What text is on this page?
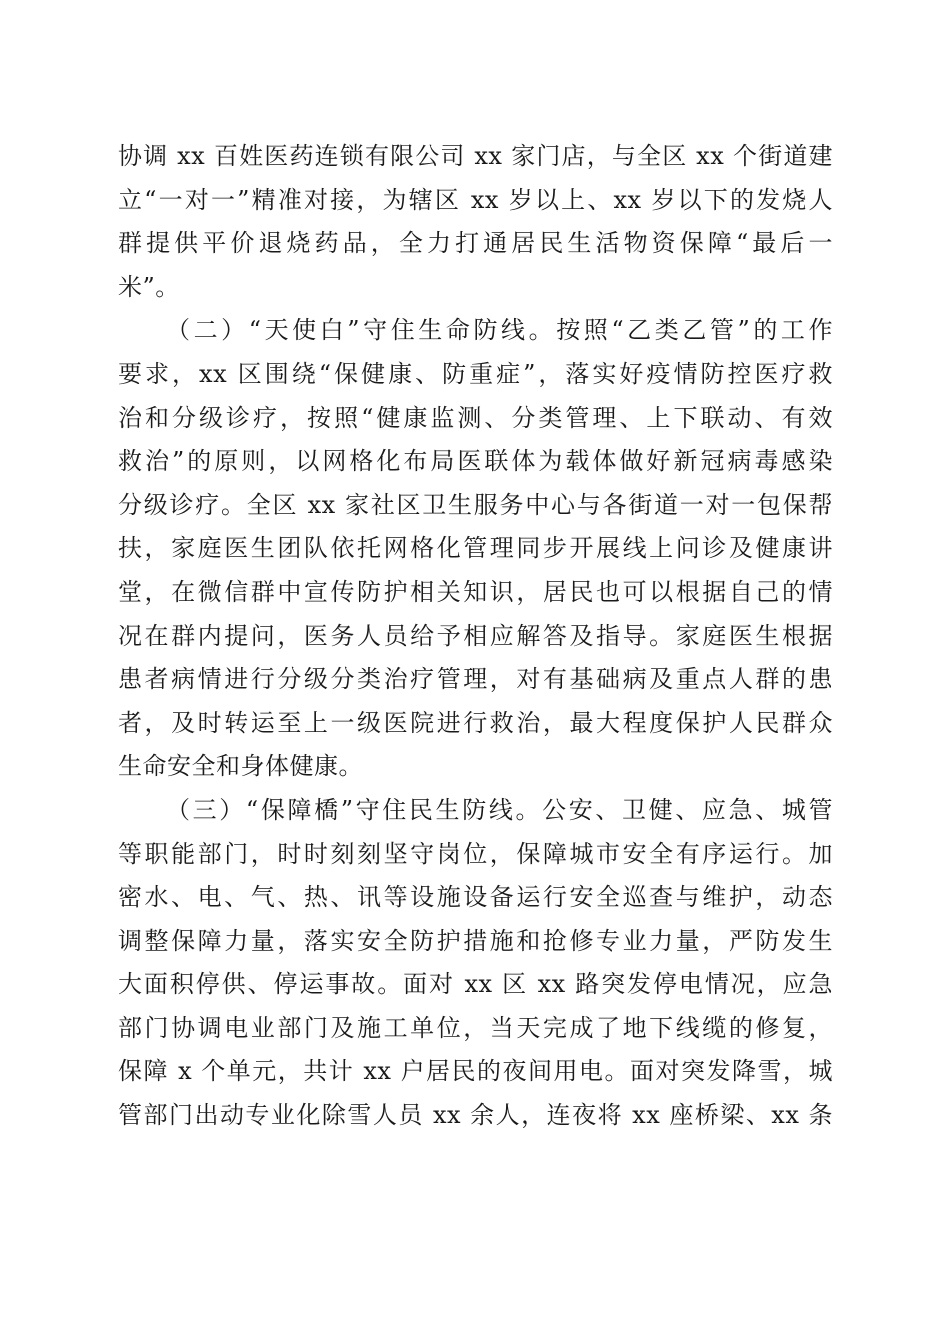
协调 xx 百姓医药连锁有限公司 xx 家门店，与全区 xx 个街道建
立“一对一”精准对接，为辖区 xx 岁以上、xx 岁以下的发烧人
群提供平价退烧药品，全力打通居民生活物资保障“最后一
米”。
（二）“天使白”守住生命防线。按照“乙类乙管”的工作
要求，xx 区围绕“保健康、防重症”，落实好疫情防控医疗救
治和分级诊疗，按照“健康监测、分类管理、上下联动、有效
救治”的原则，以网格化布局医联体为载体做好新冠病毒感染
分级诊疗。全区 xx 家社区卫生服务中心与各街道一对一包保帮
扶，家庭医生团队依托网格化管理同步开展线上问诊及健康讲
堂，在微信群中宣传防护相关知识，居民也可以根据自己的情
况在群内提问，医务人员给予相应解答及指导。家庭医生根据
患者病情进行分级分类治疗管理，对有基础病及重点人群的患
者，及时转运至上一级医院进行救治，最大程度保护人民群众
生命安全和身体健康。
（三）“保障橋”守住民生防线。公安、卫健、应急、城管
等职能部门，时时刻刻坚守岗位，保障城市安全有序运行。加
密水、电、气、热、讯等设施设备运行安全巡查与维护，动态
调整保障力量，落实安全防护措施和抢修专业力量，严防发生
大面积停供、停运事故。面对 xx 区 xx 路突发停电情况，应急
部门协调电业部门及施工单位，当天完成了地下线缆的修复，
保障 x 个单元，共计 xx 户居民的夜间用电。面对突发降雪，城
管部门出动专业化除雪人员 xx 余人，连夜将 xx 座桥梁、xx 条
